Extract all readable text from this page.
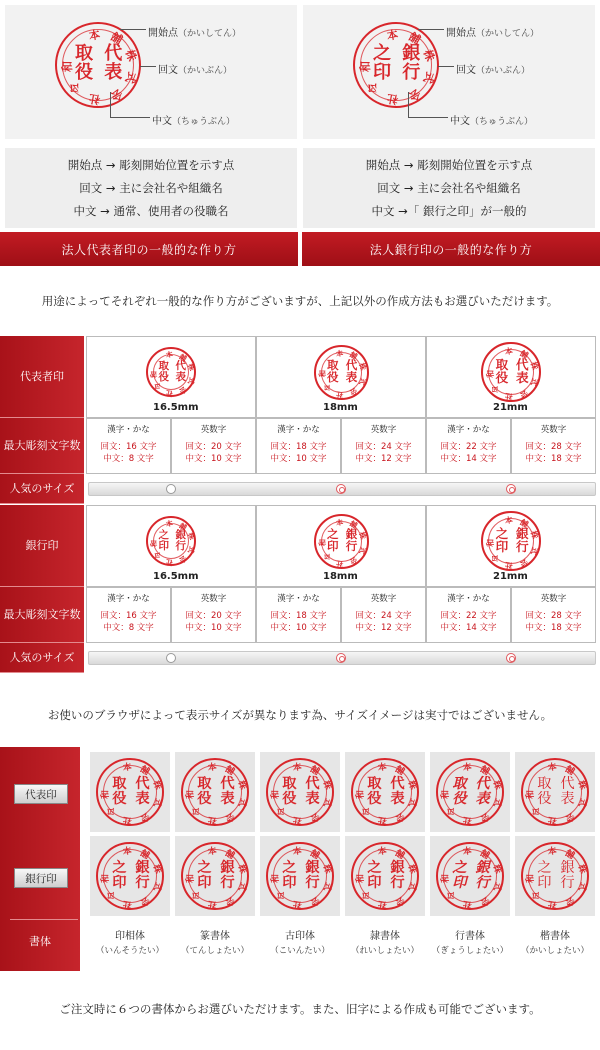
本 舗
株
式
会
社
令
和
代
表
取
役
本 舗
株
式
会
社
令
和
銀
行
之
印
開始点（かいしてん）
回文（かいぶん）
中文（ちゅうぶん）
開始点（かいしてん）
回文（かいぶん）
中文（ちゅうぶん）
開始点 → 彫刻開始位置を示す点
回文 → 主に会社名や組織名
中文 → 通常、使用者の役職名
開始点 → 彫刻開始位置を示す点
回文 → 主に会社名や組織名
中文 →「 銀行之印」が一般的
法人代表者印の一般的な作り方	法人銀行印の一般的な作り方
用途によってそれぞれ一般的な作り方がございますが、上記以外の作成方法もお選びいただけます。
代表者印
最大彫刻 文字数
人気のサイズ
本 舗
株
式
会
社
令
和
代
表
取
役
16.5mm
漢字・かな
回文：16 文字
中文：8 文字
英数字
回文：20 文字
中文：10 文字
本 舗
株
式
会
社
令
和
代
表
取
役
18mm
漢字・かな
回文：18 文字
中文：10 文字
英数字
回文：24 文字
中文：12 文字
本 舗
株
式
会
社
令
和
代
表
取
役
21mm
漢字・かな
回文：22 文字
中文：14 文字
英数字
回文：28 文字
中文：18 文字
銀行印
最大彫刻 文字数
人気のサイズ
本 舗
株
式
会
社
令
和
銀
行
之
印
16.5mm
漢字・かな
回文：16 文字
中文：8 文字
英数字
回文：20 文字
中文：10 文字
本 舗
株
式
会
社
令
和
銀
行
之
印
18mm
漢字・かな
回文：18 文字
中文：10 文字
英数字
回文：24 文字
中文：12 文字
本 舗
株
式
会
社
令
和
銀
行
之
印
21mm
漢字・かな
回文：22 文字
中文：14 文字
英数字
回文：28 文字
中文：18 文字
お使いのブラウザによって表示サイズが異なります為、サイズイメージは実寸ではございません。
代表印
銀行印
書体
本 舗
株
式
会
社
令
和
代
表
取
役
本 舗
株
式
会
社
令
和
銀
行
之
印
印相体
（いんそうたい）
本 舗
株
式
会
社
令
和
代
表
取
役
本 舗
株
式
会
社
令
和
銀
行
之
印
篆書体
（てんしょたい）
本 舗
株
式
会
社
令
和
代
表
取
役
本 舗
株
式
会
社
令
和
銀
行
之
印
古印体
（こいんたい）
本 舗
株
式
会
社
令
和
代
表
取
役
本 舗
株
式
会
社
令
和
銀
行
之
印
隷書体
（れいしょたい）
本 舗
株
式
会
社
令
和
代
表
取
役
本 舗
株
式
会
社
令
和
銀
行
之
印
行書体
（ぎょうしょたい）
本 舗
株
式
会
社
令
和
代
表
取
役
本 舗
株
式
会
社
令
和
銀
行
之
印
楷書体
（かいしょたい）
ご注文時に６つの書体からお選びいただけます。また、旧字による作成も可能でございます。
